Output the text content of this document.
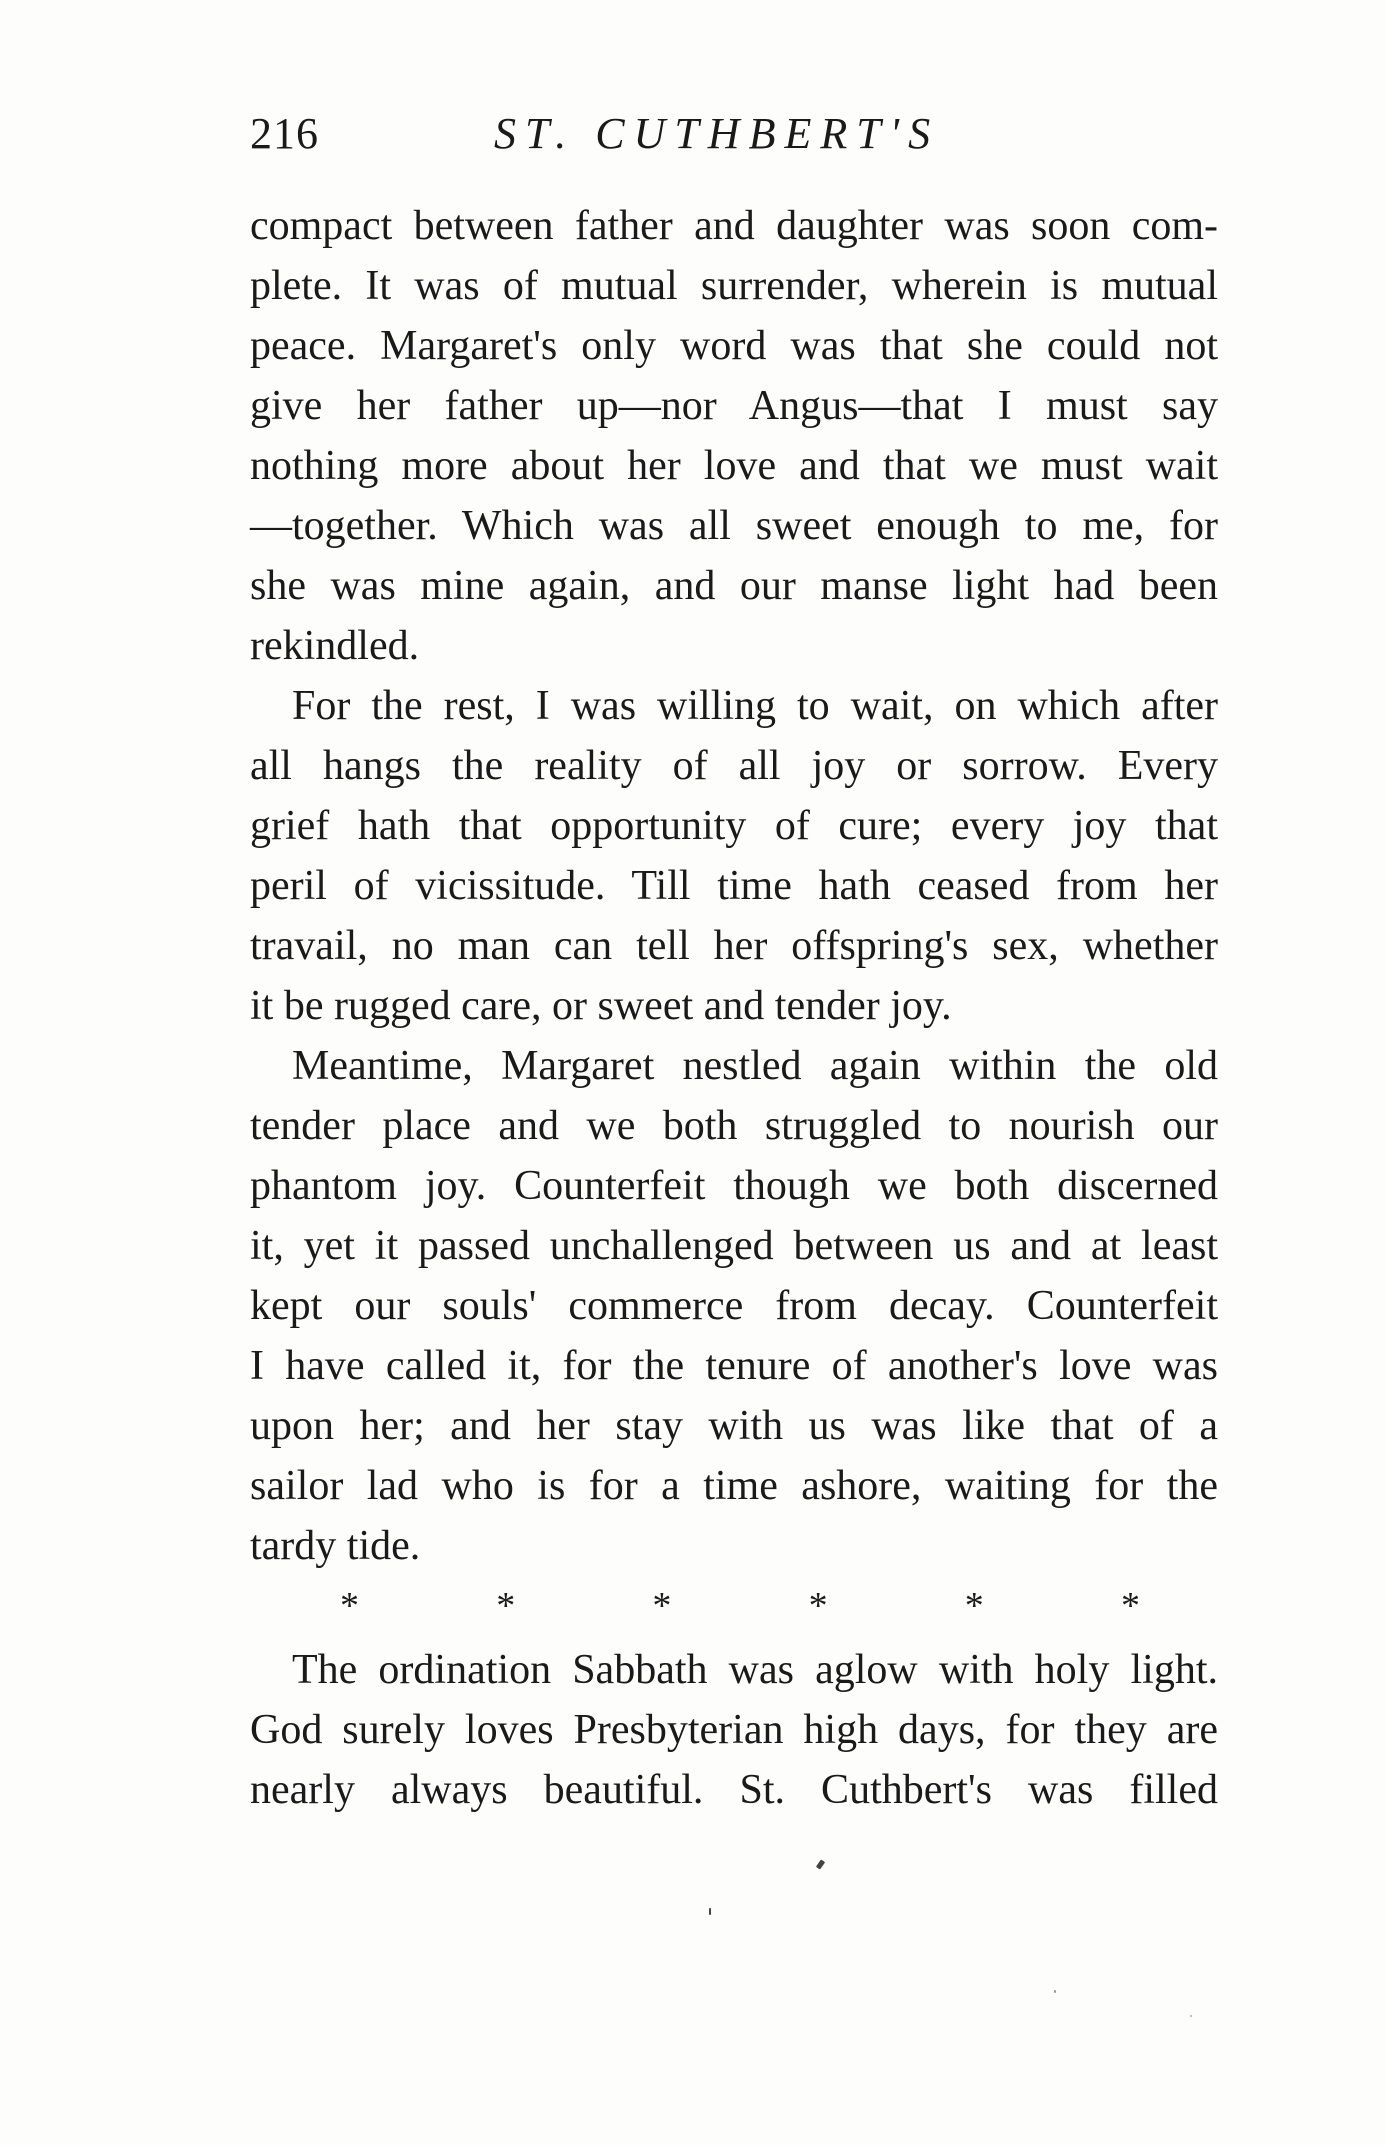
216	ST. CUTHBERT'S
compact between father and daughter was soon com-
plete. It was of mutual surrender, wherein is mutual
peace. Margaret's only word was that she could not
give her father up—nor Angus—that I must say
nothing more about her love and that we must wait
—together. Which was all sweet enough to me, for
she was mine again, and our manse light had been
rekindled.
For the rest, I was willing to wait, on which after
all hangs the reality of all joy or sorrow. Every
grief hath that opportunity of cure; every joy that
peril of vicissitude. Till time hath ceased from her
travail, no man can tell her offspring's sex, whether
it be rugged care, or sweet and tender joy.
Meantime, Margaret nestled again within the old
tender place and we both struggled to nourish our
phantom joy. Counterfeit though we both discerned
it, yet it passed unchallenged between us and at least
kept our souls' commerce from decay. Counterfeit
I have called it, for the tenure of another's love was
upon her; and her stay with us was like that of a
sailor lad who is for a time ashore, waiting for the
tardy tide.
*	*	*	*	*	*
The ordination Sabbath was aglow with holy light.
God surely loves Presbyterian high days, for they are
nearly always beautiful. St. Cuthbert's was filled
